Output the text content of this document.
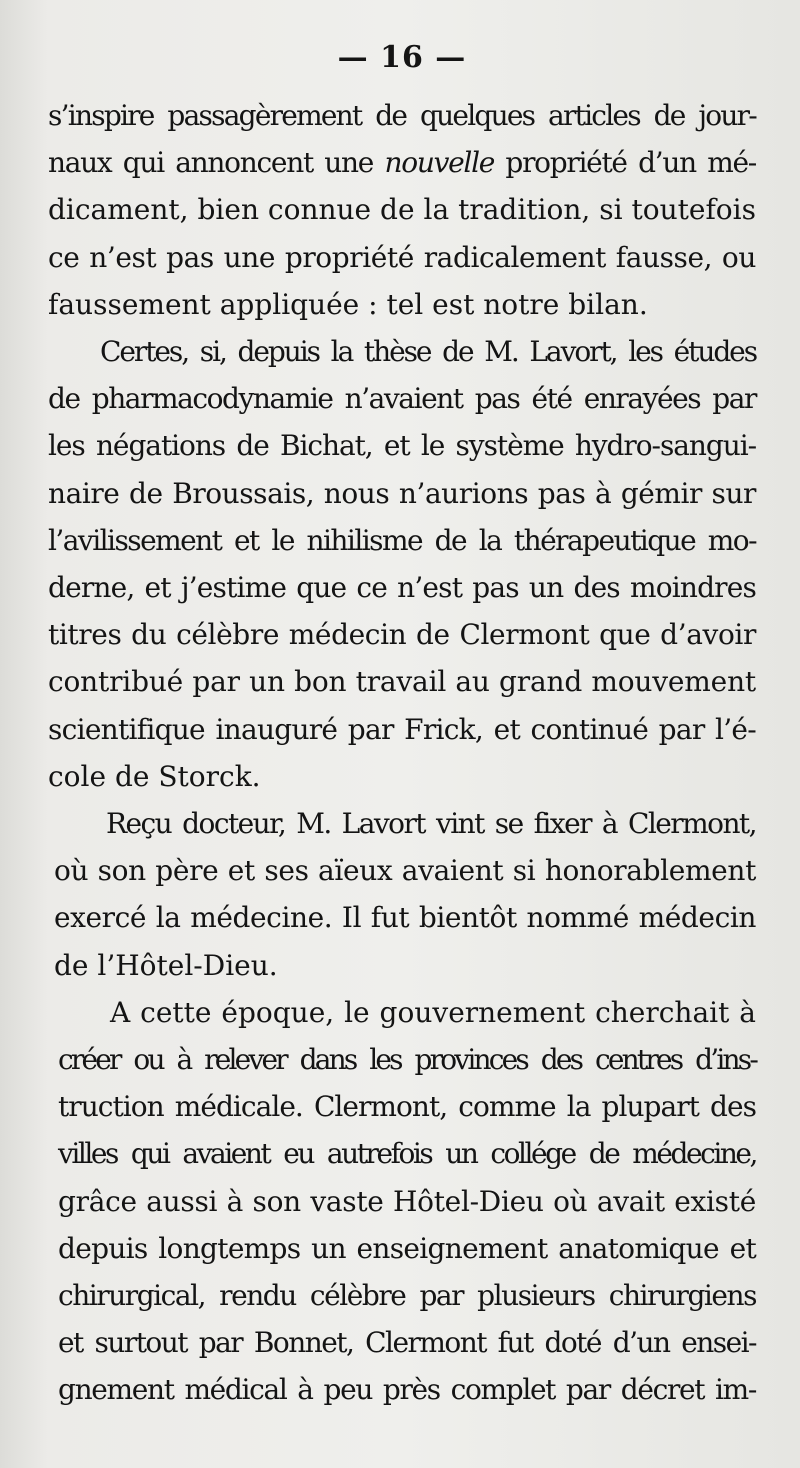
— 16 —
s’inspire passagèrement de quelques articles de jour-
naux qui annoncent une nouvelle propriété d’un mé-
dicament, bien connue de la tradition, si toutefois
ce n’est pas une propriété radicalement fausse, ou
faussement appliquée : tel est notre bilan.
Certes, si, depuis la thèse de M. Lavort, les études
de pharmacodynamie n’avaient pas été enrayées par
les négations de Bichat, et le système hydro-sangui-
naire de Broussais, nous n’aurions pas à gémir sur
l’avilissement et le nihilisme de la thérapeutique mo-
derne, et j’estime que ce n’est pas un des moindres
titres du célèbre médecin de Clermont que d’avoir
contribué par un bon travail au grand mouvement
scientifique inauguré par Frick, et continué par l’é-
cole de Storck.
Reçu docteur, M. Lavort vint se fixer à Clermont,
où son père et ses aïeux avaient si honorablement
exercé la médecine. Il fut bientôt nommé médecin
de l’Hôtel-Dieu.
A cette époque, le gouvernement cherchait à
créer ou à relever dans les provinces des centres d’ins-
truction médicale. Clermont, comme la plupart des
villes qui avaient eu autrefois un collége de médecine,
grâce aussi à son vaste Hôtel-Dieu où avait existé
depuis longtemps un enseignement anatomique et
chirurgical, rendu célèbre par plusieurs chirurgiens
et surtout par Bonnet, Clermont fut doté d’un ensei-
gnement médical à peu près complet par décret im-
